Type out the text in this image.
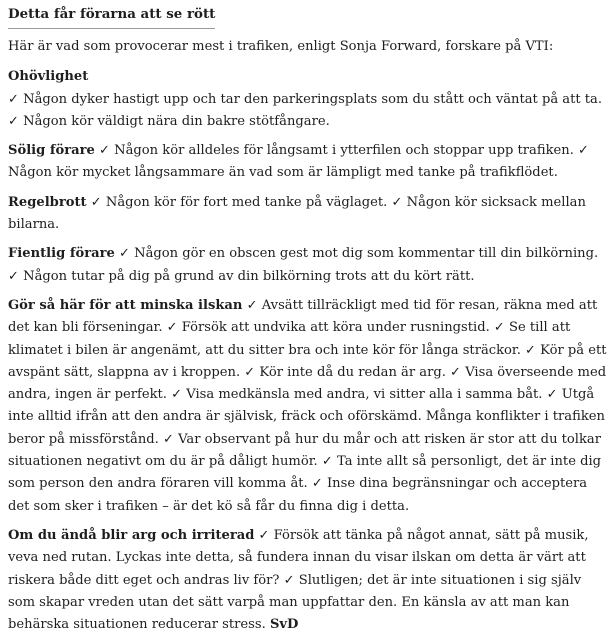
Detta får förarna att se rött
Här är vad som provocerar mest i trafiken, enligt Sonja Forward, forskare på VTI:
Ohövlighet
✓ Någon dyker hastigt upp och tar den parkeringsplats som du stått och väntat på att ta. ✓ Någon kör väldigt nära din bakre stötfångare.
Sölig förare ✓ Någon kör alldeles för långsamt i ytterfilen och stoppar upp trafiken. ✓ Någon kör mycket långsammare än vad som är lämpligt med tanke på trafikflödet.
Regelbrott ✓ Någon kör för fort med tanke på väglaget. ✓ Någon kör sicksack mellan bilarna.
Fientlig förare ✓ Någon gör en obscen gest mot dig som kommentar till din bilkörning. ✓ Någon tutar på dig på grund av din bilkörning trots att du kört rätt.
Gör så här för att minska ilskan ✓ Avsätt tillräckligt med tid för resan, räkna med att det kan bli förseningar. ✓ Försök att undvika att köra under rusningstid. ✓ Se till att klimatet i bilen är angenämt, att du sitter bra och inte kör för långa sträckor. ✓ Kör på ett avspänt sätt, slappna av i kroppen. ✓ Kör inte då du redan är arg. ✓ Visa överseende med andra, ingen är perfekt. ✓ Visa medkänsla med andra, vi sitter alla i samma båt. ✓ Utgå inte alltid ifrån att den andra är självisk, fräck och oförskämd. Många konflikter i trafiken beror på missförstånd. ✓ Var observant på hur du mår och att risken är stor att du tolkar situationen negativt om du är på dåligt humör. ✓ Ta inte allt så personligt, det är inte dig som person den andra föraren vill komma åt. ✓ Inse dina begränsningar och acceptera det som sker i trafiken – är det kö så får du finna dig i detta.
Om du ändå blir arg och irriterad ✓ Försök att tänka på något annat, sätt på musik, veva ned rutan. Lyckas inte detta, så fundera innan du visar ilskan om detta är värt att riskera både ditt eget och andras liv för? ✓ Slutligen; det är inte situationen i sig själv som skapar vreden utan det sätt varpå man uppfattar den. En känsla av att man kan behärska situationen reducerar stress. SvD
